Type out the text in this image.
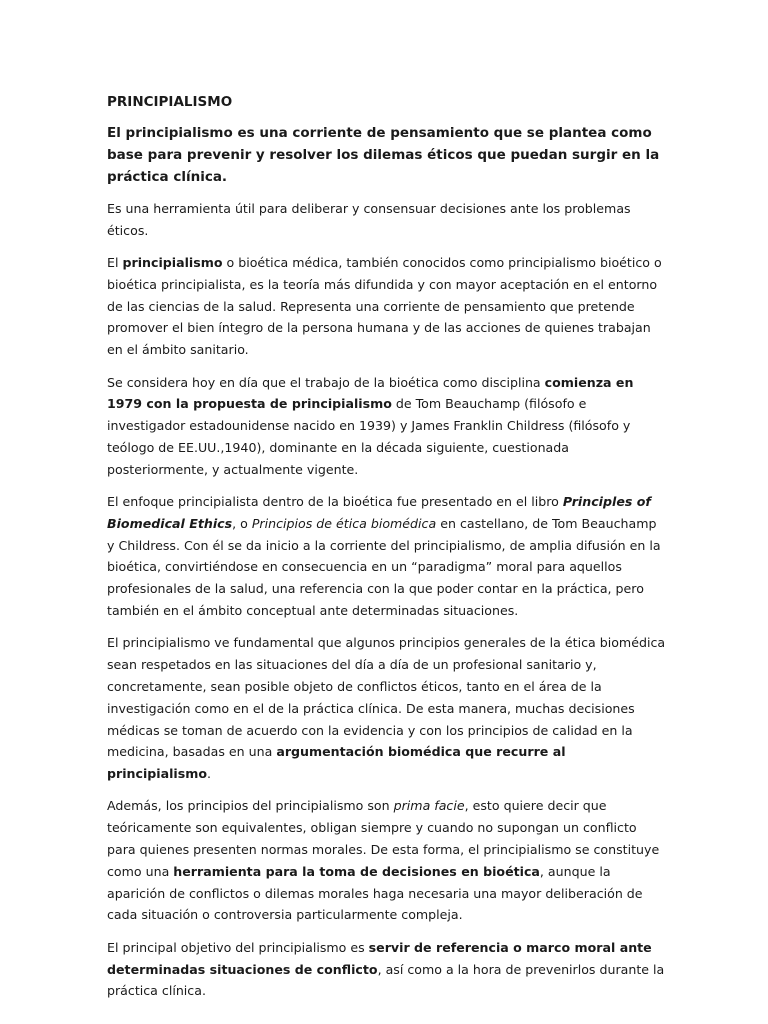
PRINCIPIALISMO
El principialismo es una corriente de pensamiento que se plantea como base para prevenir y resolver los dilemas éticos que puedan surgir en la práctica clínica.

Es una herramienta útil para deliberar y consensuar decisiones ante los problemas éticos.

El principialismo o bioética médica, también conocidos como principialismo bioético o bioética principialista, es la teoría más difundida y con mayor aceptación en el entorno de las ciencias de la salud. Representa una corriente de pensamiento que pretende promover el bien íntegro de la persona humana y de las acciones de quienes trabajan en el ámbito sanitario.

Se considera hoy en día que el trabajo de la bioética como disciplina comienza en 1979 con la propuesta de principialismo de Tom Beauchamp (filósofo e investigador estadounidense nacido en 1939) y James Franklin Childress (filósofo y teólogo de EE.UU.,1940), dominante en la década siguiente, cuestionada posteriormente, y actualmente vigente.

El enfoque principialista dentro de la bioética fue presentado en el libro Principles of Biomedical Ethics, o Principios de ética biomédica en castellano, de Tom Beauchamp y Childress. Con él se da inicio a la corriente del principialismo, de amplia difusión en la bioética, convirtiéndose en consecuencia en un “paradigma” moral para aquellos profesionales de la salud, una referencia con la que poder contar en la práctica, pero también en el ámbito conceptual ante determinadas situaciones.

El principialismo ve fundamental que algunos principios generales de la ética biomédica sean respetados en las situaciones del día a día de un profesional sanitario y, concretamente, sean posible objeto de conflictos éticos, tanto en el área de la investigación como en el de la práctica clínica. De esta manera, muchas decisiones médicas se toman de acuerdo con la evidencia y con los principios de calidad en la medicina, basadas en una argumentación biomédica que recurre al principialismo.

Además, los principios del principialismo son prima facie, esto quiere decir que teóricamente son equivalentes, obligan siempre y cuando no supongan un conflicto para quienes presenten normas morales. De esta forma, el principialismo se constituye como una herramienta para la toma de decisiones en bioética, aunque la aparición de conflictos o dilemas morales haga necesaria una mayor deliberación de cada situación o controversia particularmente compleja.

El principal objetivo del principialismo es servir de referencia o marco moral ante determinadas situaciones de conflicto, así como a la hora de prevenirlos durante la práctica clínica.
